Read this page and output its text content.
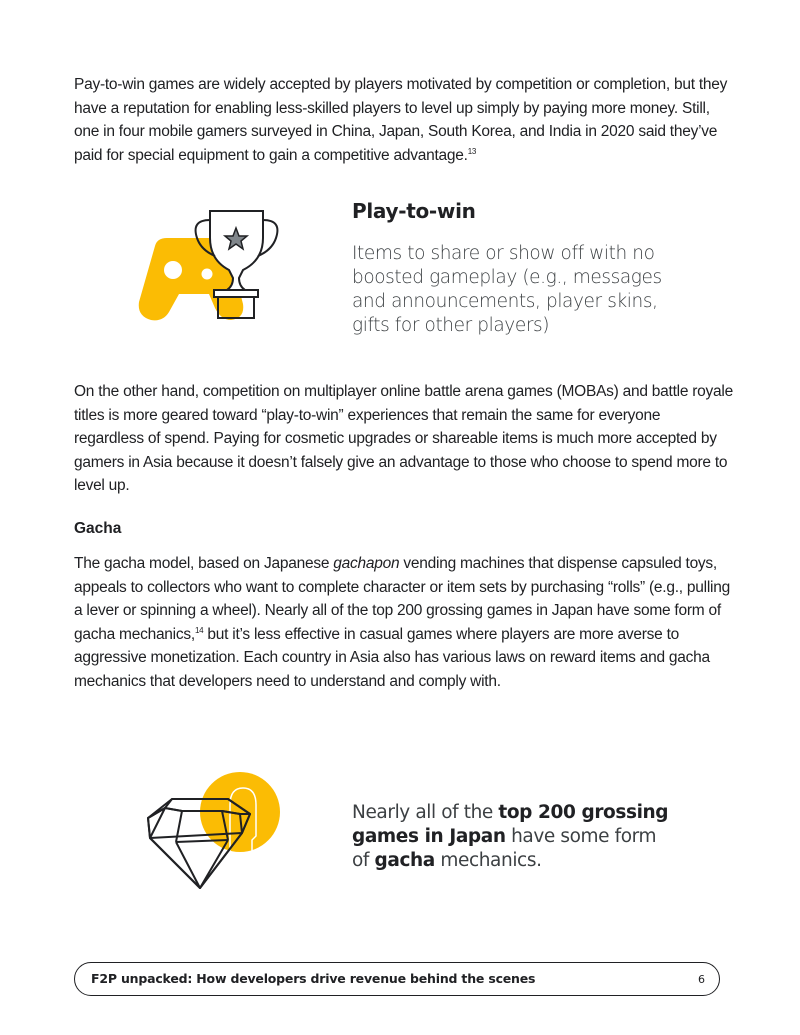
Pay-to-win games are widely accepted by players motivated by competition or completion, but they have a reputation for enabling less-skilled players to level up simply by paying more money. Still, one in four mobile gamers surveyed in China, Japan, South Korea, and India in 2020 said they’ve paid for special equipment to gain a competitive advantage.$^{13}$

Play-to-win

Items to share or show off with no boosted gameplay (e.g., messages and announcements, player skins, gifts for other players)

On the other hand, competition on multiplayer online battle arena games (MOBAs) and battle royale titles is more geared toward “play-to-win” experiences that remain the same for everyone regardless of spend. Paying for cosmetic upgrades or shareable items is much more accepted by gamers in Asia because it doesn’t falsely give an advantage to those who choose to spend more to level up.

Gacha

The gacha model, based on Japanese gachapon vending machines that dispense capsuled toys, appeals to collectors who want to complete character or item sets by purchasing “rolls” (e.g., pulling a lever or spinning a wheel). Nearly all of the top 200 grossing games in Japan have some form of gacha mechanics,$^{14}$ but it’s less effective in casual games where players are more averse to aggressive monetization. Each country in Asia also has various laws on reward items and gacha mechanics that developers need to understand and comply with.

Nearly all of the top 200 grossing games in Japan have some form of gacha mechanics.

F2P unpacked: How developers drive revenue behind the scenes	6
